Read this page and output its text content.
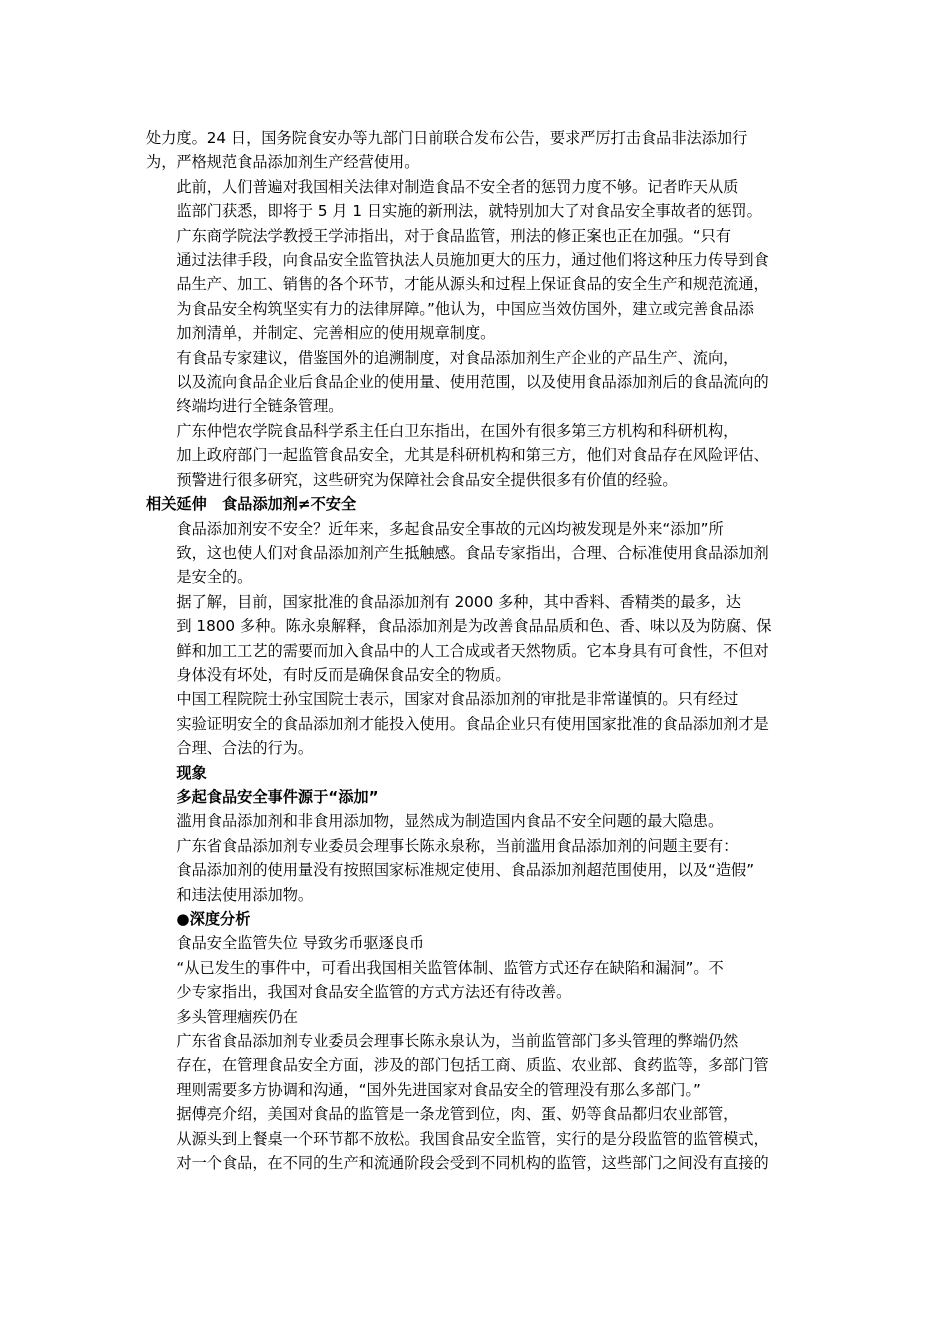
处力度。24 日，国务院食安办等九部门日前联合发布公告，要求严厉打击食品非法添加行
为，严格规范食品添加剂生产经营使用。
此前，人们普遍对我国相关法律对制造食品不安全者的惩罚力度不够。记者昨天从质
监部门获悉，即将于 5 月 1 日实施的新刑法，就特别加大了对食品安全事故者的惩罚。
广东商学院法学教授王学沛指出，对于食品监管，刑法的修正案也正在加强。“只有
通过法律手段，向食品安全监管执法人员施加更大的压力，通过他们将这种压力传导到食
品生产、加工、销售的各个环节，才能从源头和过程上保证食品的安全生产和规范流通，
为食品安全构筑坚实有力的法律屏障。”他认为，中国应当效仿国外，建立或完善食品添
加剂清单，并制定、完善相应的使用规章制度。
有食品专家建议，借鉴国外的追溯制度，对食品添加剂生产企业的产品生产、流向，
以及流向食品企业后食品企业的使用量、使用范围，以及使用食品添加剂后的食品流向的
终端均进行全链条管理。
广东仲恺农学院食品科学系主任白卫东指出，在国外有很多第三方机构和科研机构，
加上政府部门一起监管食品安全，尤其是科研机构和第三方，他们对食品存在风险评估、
预警进行很多研究，这些研究为保障社会食品安全提供很多有价值的经验。
相关延伸　食品添加剂≠不安全
食品添加剂安不安全？近年来，多起食品安全事故的元凶均被发现是外来“添加”所
致，这也使人们对食品添加剂产生抵触感。食品专家指出，合理、合标准使用食品添加剂
是安全的。
据了解，目前，国家批准的食品添加剂有 2000 多种，其中香料、香精类的最多，达
到 1800 多种。陈永泉解释，食品添加剂是为改善食品品质和色、香、味以及为防腐、保
鲜和加工工艺的需要而加入食品中的人工合成或者天然物质。它本身具有可食性，不但对
身体没有坏处，有时反而是确保食品安全的物质。
中国工程院院士孙宝国院士表示，国家对食品添加剂的审批是非常谨慎的。只有经过
实验证明安全的食品添加剂才能投入使用。食品企业只有使用国家批准的食品添加剂才是
合理、合法的行为。
现象
多起食品安全事件源于“添加”
滥用食品添加剂和非食用添加物，显然成为制造国内食品不安全问题的最大隐患。
广东省食品添加剂专业委员会理事长陈永泉称，当前滥用食品添加剂的问题主要有：
食品添加剂的使用量没有按照国家标准规定使用、食品添加剂超范围使用，以及“造假”
和违法使用添加物。
●深度分析
食品安全监管失位 导致劣币驱逐良币
“从已发生的事件中，可看出我国相关监管体制、监管方式还存在缺陷和漏洞”。不
少专家指出，我国对食品安全监管的方式方法还有待改善。
多头管理痼疾仍在
广东省食品添加剂专业委员会理事长陈永泉认为，当前监管部门多头管理的弊端仍然
存在，在管理食品安全方面，涉及的部门包括工商、质监、农业部、食药监等，多部门管
理则需要多方协调和沟通，“国外先进国家对食品安全的管理没有那么多部门。”
据傅亮介绍，美国对食品的监管是一条龙管到位，肉、蛋、奶等食品都归农业部管，
从源头到上餐桌一个环节都不放松。我国食品安全监管，实行的是分段监管的监管模式，
对一个食品，在不同的生产和流通阶段会受到不同机构的监管，这些部门之间没有直接的
